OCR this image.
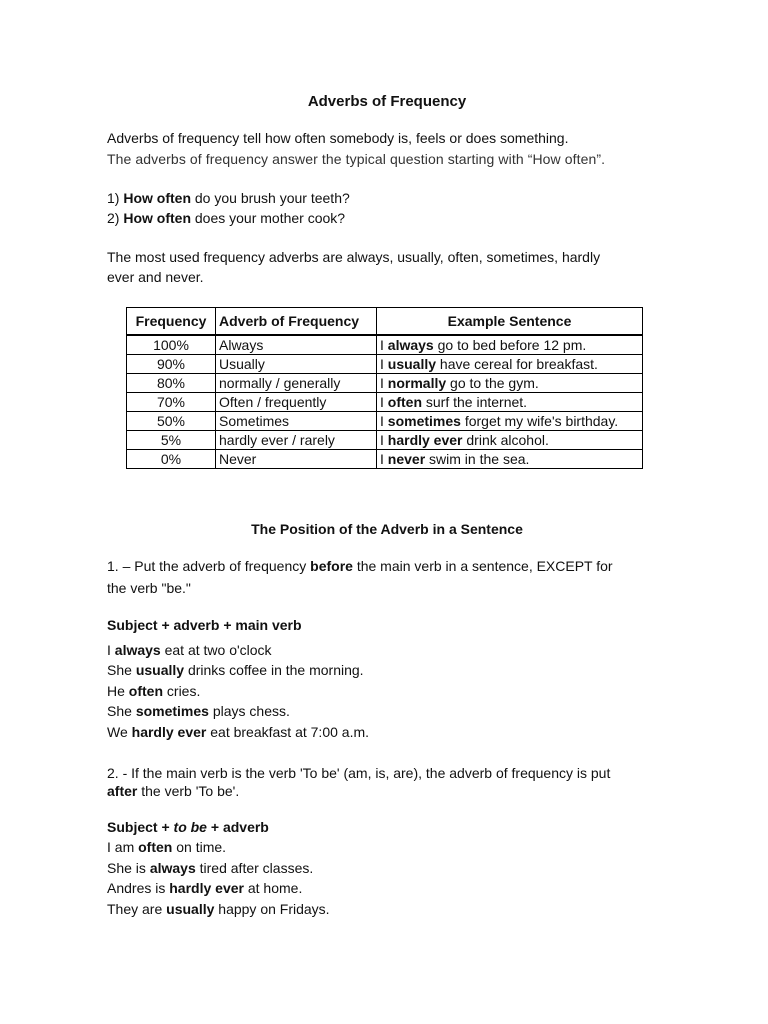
Adverbs of Frequency
Adverbs of frequency tell how often somebody is, feels or does something.
The adverbs of frequency answer the typical question starting with “How often”.
1) How often do you brush your teeth?
2) How often does your mother cook?
The most used frequency adverbs are always, usually, often, sometimes, hardly
ever and never.
Frequency	Adverb of Frequency	Example Sentence
100%	Always	I always go to bed before 12 pm.
90%	Usually	I usually have cereal for breakfast.
80%	normally / generally	I normally go to the gym.
70%	Often / frequently	I often surf the internet.
50%	Sometimes	I sometimes forget my wife's birthday.
5%	hardly ever / rarely	I hardly ever drink alcohol.
0%	Never	I never swim in the sea.
The Position of the Adverb in a Sentence
1. – Put the adverb of frequency before the main verb in a sentence, EXCEPT for
the verb "be."
Subject + adverb + main verb
I always eat at two o'clock
She usually drinks coffee in the morning.
He often cries.
She sometimes plays chess.
We hardly ever eat breakfast at 7:00 a.m.
2. - If the main verb is the verb 'To be' (am, is, are), the adverb of frequency is put
after the verb 'To be'.
Subject + to be + adverb
I am often on time.
She is always tired after classes.
Andres is hardly ever at home.
They are usually happy on Fridays.
